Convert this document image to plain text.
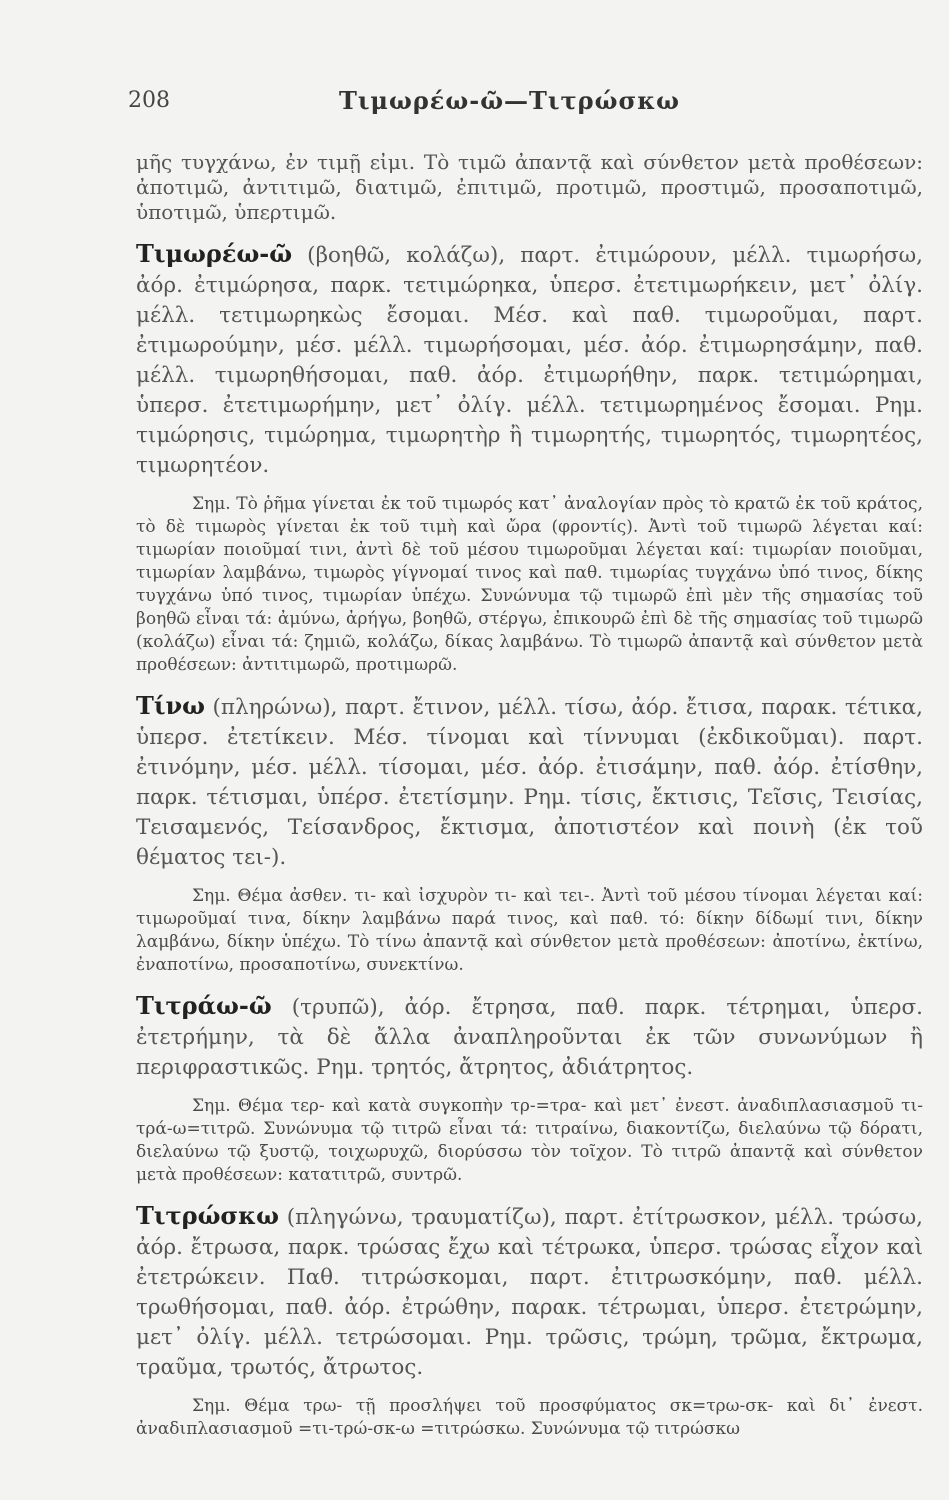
208	Τιμωρέω-ῶ—Τιτρώσκω

μῆς τυγχάνω, ἐν τιμῇ εἰμι. Τὸ τιμῶ ἀπαντᾷ καὶ σύνθετον μετὰ προθέσεων: ἀποτιμῶ, ἀντιτιμῶ, διατιμῶ, ἐπιτιμῶ, προτιμῶ, προστιμῶ, προσαποτιμῶ, ὑποτιμῶ, ὑπερτιμῶ.

Τιμωρέω-ῶ (βοηθῶ, κολάζω), παρτ. ἐτιμώρουν, μέλλ. τιμωρήσω, ἀόρ. ἐτιμώρησα, παρκ. τετιμώρηκα, ὑπερσ. ἐτετιμωρήκειν, μετ᾽ ὀλίγ. μέλλ. τετιμωρηκὼς ἔσομαι. Μέσ. καὶ παθ. τιμωροῦμαι, παρτ. ἐτιμωρούμην, μέσ. μέλλ. τιμωρήσομαι, μέσ. ἀόρ. ἐτιμωρησάμην, παθ. μέλλ. τιμωρηθήσομαι, παθ. ἀόρ. ἐτιμωρήθην, παρκ. τετιμώρημαι, ὑπερσ. ἐτετιμωρήμην, μετ᾽ ὀλίγ. μέλλ. τετιμωρημένος ἔσομαι. Ρημ. τιμώρησις, τιμώρημα, τιμωρητὴρ ἢ τιμωρητής, τιμωρητός, τιμωρητέος, τιμωρητέον.

Σημ. Τὸ ῥῆμα γίνεται ἐκ τοῦ τιμωρός κατ᾽ ἀναλογίαν πρὸς τὸ κρατῶ ἐκ τοῦ κράτος, τὸ δὲ τιμωρὸς γίνεται ἐκ τοῦ τιμὴ καὶ ὤρα (φροντίς). Ἀντὶ τοῦ τιμωρῶ λέγεται καί: τιμωρίαν ποιοῦμαί τινι, ἀντὶ δὲ τοῦ μέσου τιμωροῦμαι λέγεται καί: τιμωρίαν ποιοῦμαι, τιμωρίαν λαμβάνω, τιμωρὸς γίγνομαί τινος καὶ παθ. τιμωρίας τυγχάνω ὑπό τινος, δίκης τυγχάνω ὑπό τινος, τιμωρίαν ὑπέχω. Συνώνυμα τῷ τιμωρῶ ἐπὶ μὲν τῆς σημασίας τοῦ βοηθῶ εἶναι τά: ἀμύνω, ἀρήγω, βοηθῶ, στέργω, ἐπικουρῶ ἐπὶ δὲ τῆς σημασίας τοῦ τιμωρῶ (κολάζω) εἶναι τά: ζημιῶ, κολάζω, δίκας λαμβάνω. Τὸ τιμωρῶ ἀπαντᾷ καὶ σύνθετον μετὰ προθέσεων: ἀντιτιμωρῶ, προτιμωρῶ.

Τίνω (πληρώνω), παρτ. ἔτινον, μέλλ. τίσω, ἀόρ. ἔτισα, παρακ. τέτικα, ὑπερσ. ἐτετίκειν. Μέσ. τίνομαι καὶ τίννυμαι (ἐκδικοῦμαι). παρτ. ἐτινόμην, μέσ. μέλλ. τίσομαι, μέσ. ἀόρ. ἐτισάμην, παθ. ἀόρ. ἐτίσθην, παρκ. τέτισμαι, ὑπέρσ. ἐτετίσμην. Ρημ. τίσις, ἔκτισις, Τεῖσις, Τεισίας, Τεισαμενός, Τείσανδρος, ἔκτισμα, ἀποτιστέον καὶ ποινὴ (ἐκ τοῦ θέματος τει-).

Σημ. Θέμα ἀσθεν. τι- καὶ ἰσχυρὸν τι- καὶ τει-. Ἀντὶ τοῦ μέσου τίνομαι λέγεται καί: τιμωροῦμαί τινα, δίκην λαμβάνω παρά τινος, καὶ παθ. τό: δίκην δίδωμί τινι, δίκην λαμβάνω, δίκην ὑπέχω. Τὸ τίνω ἀπαντᾷ καὶ σύνθετον μετὰ προθέσεων: ἀποτίνω, ἐκτίνω, ἐναποτίνω, προσαποτίνω, συνεκτίνω.

Τιτράω-ῶ (τρυπῶ), ἀόρ. ἔτρησα, παθ. παρκ. τέτρημαι, ὑπερσ. ἐτετρήμην, τὰ δὲ ἄλλα ἀναπληροῦνται ἐκ τῶν συνωνύμων ἢ περιφραστικῶς. Ρημ. τρητός, ἄτρητος, ἀδιάτρητος.

Σημ. Θέμα τερ- καὶ κατὰ συγκοπὴν τρ-=τρα- καὶ μετ᾽ ἐνεστ. ἀναδιπλασιασμοῦ τι-τρά-ω=τιτρῶ. Συνώνυμα τῷ τιτρῶ εἶναι τά: τιτραίνω, διακοντίζω, διελαύνω τῷ δόρατι, διελαύνω τῷ ξυστῷ, τοιχωρυχῶ, διορύσσω τὸν τοῖχον. Τὸ τιτρῶ ἀπαντᾷ καὶ σύνθετον μετὰ προθέσεων: κατατιτρῶ, συντρῶ.

Τιτρώσκω (πληγώνω, τραυματίζω), παρτ. ἐτίτρωσκον, μέλλ. τρώσω, ἀόρ. ἔτρωσα, παρκ. τρώσας ἔχω καὶ τέτρωκα, ὑπερσ. τρώσας εἶχον καὶ ἐτετρώκειν. Παθ. τιτρώσκομαι, παρτ. ἐτιτρωσκόμην, παθ. μέλλ. τρωθήσομαι, παθ. ἀόρ. ἐτρώθην, παρακ. τέτρωμαι, ὑπερσ. ἐτετρώμην, μετ᾽ ὀλίγ. μέλλ. τετρώσομαι. Ρημ. τρῶσις, τρώμη, τρῶμα, ἔκτρωμα, τραῦμα, τρωτός, ἄτρωτος.

Σημ. Θέμα τρω- τῇ προσλήψει τοῦ προσφύματος σκ=τρω-σκ- καὶ δι᾽ ἐνεστ. ἀναδιπλασιασμοῦ =τι-τρώ-σκ-ω =τιτρώσκω. Συνώνυμα τῷ τιτρώσκω
